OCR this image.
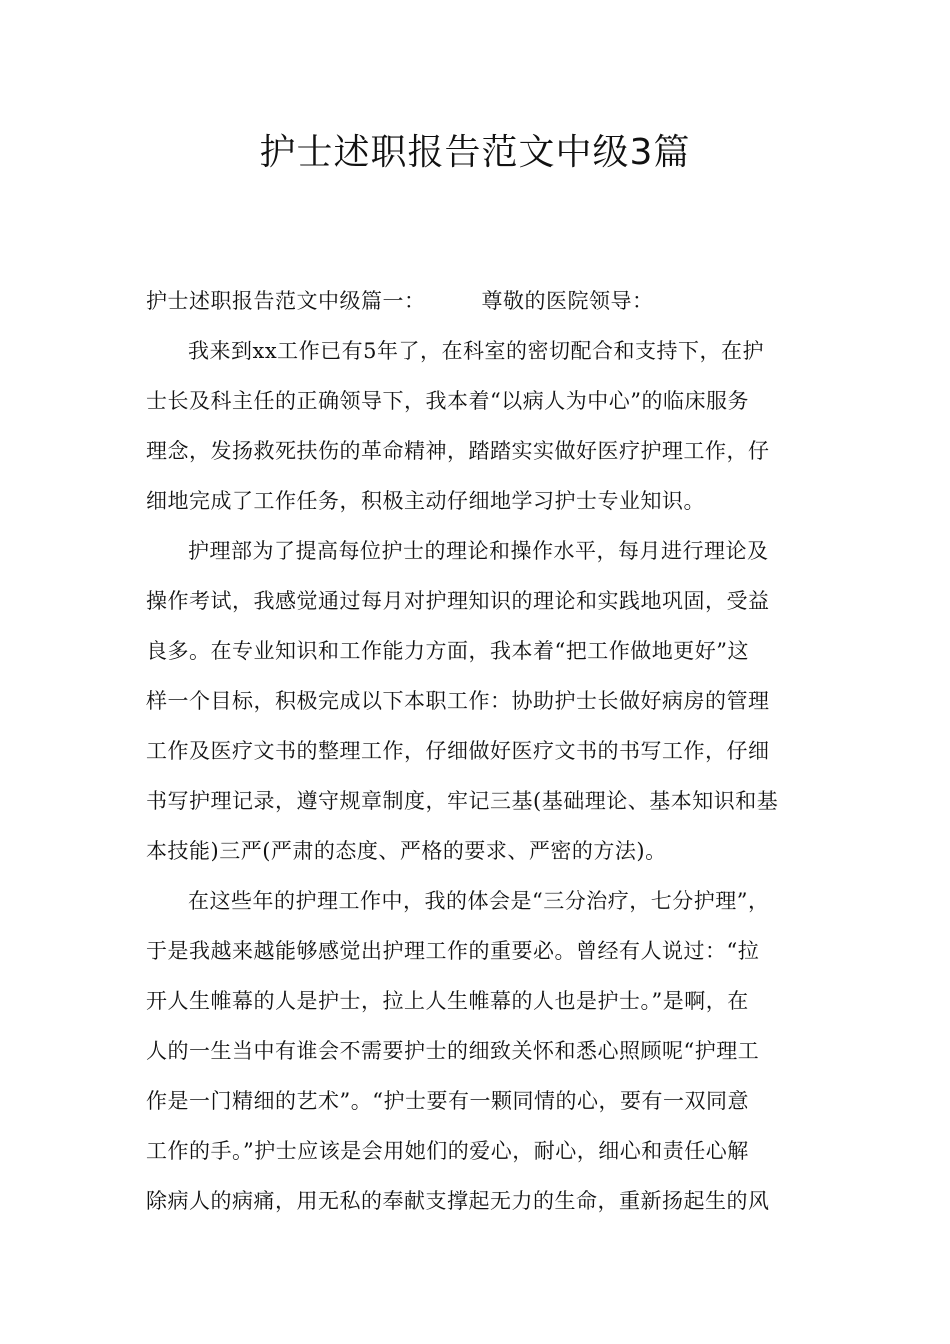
护士述职报告范文中级3篇
护士述职报告范文中级篇一：	尊敬的医院领导：
我来到xx工作已有5年了，在科室的密切配合和支持下，在护
士长及科主任的正确领导下，我本着“以病人为中心”的临床服务
理念，发扬救死扶伤的革命精神，踏踏实实做好医疗护理工作，仔
细地完成了工作任务，积极主动仔细地学习护士专业知识。
护理部为了提高每位护士的理论和操作水平，每月进行理论及
操作考试，我感觉通过每月对护理知识的理论和实践地巩固，受益
良多。在专业知识和工作能力方面，我本着“把工作做地更好”这
样一个目标，积极完成以下本职工作：协助护士长做好病房的管理
工作及医疗文书的整理工作，仔细做好医疗文书的书写工作，仔细
书写护理记录，遵守规章制度，牢记三基(基础理论、基本知识和基
本技能)三严(严肃的态度、严格的要求、严密的方法)。
在这些年的护理工作中，我的体会是“三分治疗，七分护理”，
于是我越来越能够感觉出护理工作的重要必。曾经有人说过：“拉
开人生帷幕的人是护士，拉上人生帷幕的人也是护士。”是啊，在
人的一生当中有谁会不需要护士的细致关怀和悉心照顾呢“护理工
作是一门精细的艺术”。“护士要有一颗同情的心，要有一双同意
工作的手。”护士应该是会用她们的爱心，耐心，细心和责任心解
除病人的病痛，用无私的奉献支撑起无力的生命，重新扬起生的风
